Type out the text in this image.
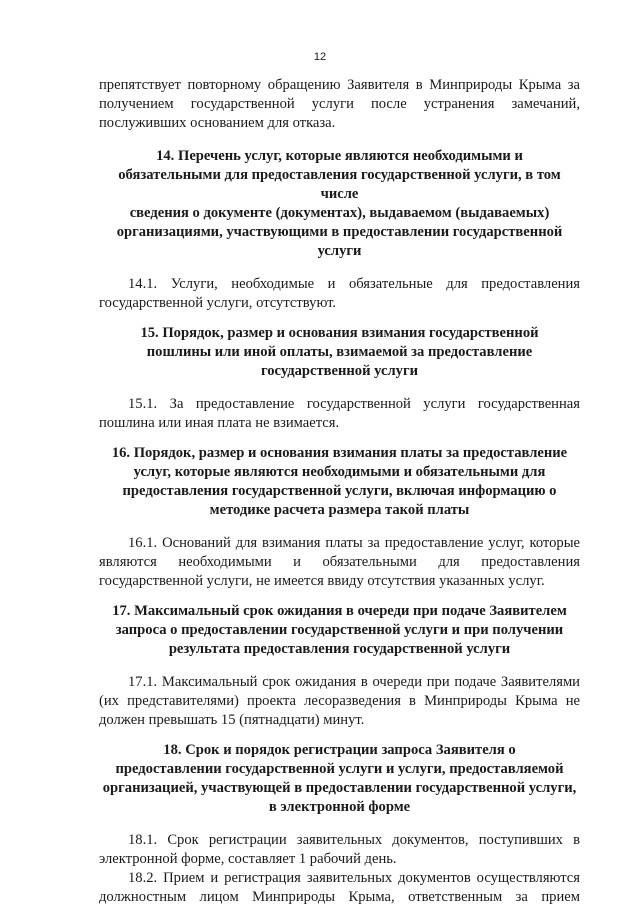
12

препятствует повторному обращению Заявителя в Минприроды Крыма за

получением государственной услуги после устранения замечаний,

послуживших основанием для отказа.

14. Перечень услуг, которые являются необходимыми и

обязательными для предоставления государственной услуги, в том числе

сведения о документе (документах), выдаваемом (выдаваемых)

организациями, участвующими в предоставлении государственной

услуги

14.1. Услуги, необходимые и обязательные для предоставления

государственной услуги, отсутствуют.

15. Порядок, размер и основания взимания государственной

пошлины или иной оплаты, взимаемой за предоставление

государственной услуги

15.1. За предоставление государственной услуги государственная

пошлина или иная плата не взимается.

16. Порядок, размер и основания взимания платы за предоставление

услуг, которые являются необходимыми и обязательными для

предоставления государственной услуги, включая информацию о

методике расчета размера такой платы

16.1. Оснований для взимания платы за предоставление услуг, которые

являются необходимыми и обязательными для предоставления

государственной услуги, не имеется ввиду отсутствия указанных услуг.

17. Максимальный срок ожидания в очереди при подаче Заявителем

запроса о предоставлении государственной услуги и при получении

результата предоставления государственной услуги

17.1. Максимальный срок ожидания в очереди при подаче Заявителями

(их представителями) проекта лесоразведения в Минприроды Крыма не

должен превышать 15 (пятнадцати) минут.

18. Срок и порядок регистрации запроса Заявителя о

предоставлении государственной услуги и услуги, предоставляемой

организацией, участвующей в предоставлении государственной услуги,

в электронной форме

18.1. Срок регистрации заявительных документов, поступивших в

электронной форме, составляет 1 рабочий день.

18.2. Прием и регистрация заявительных документов осуществляются

должностным лицом Минприроды Крыма, ответственным за прием
